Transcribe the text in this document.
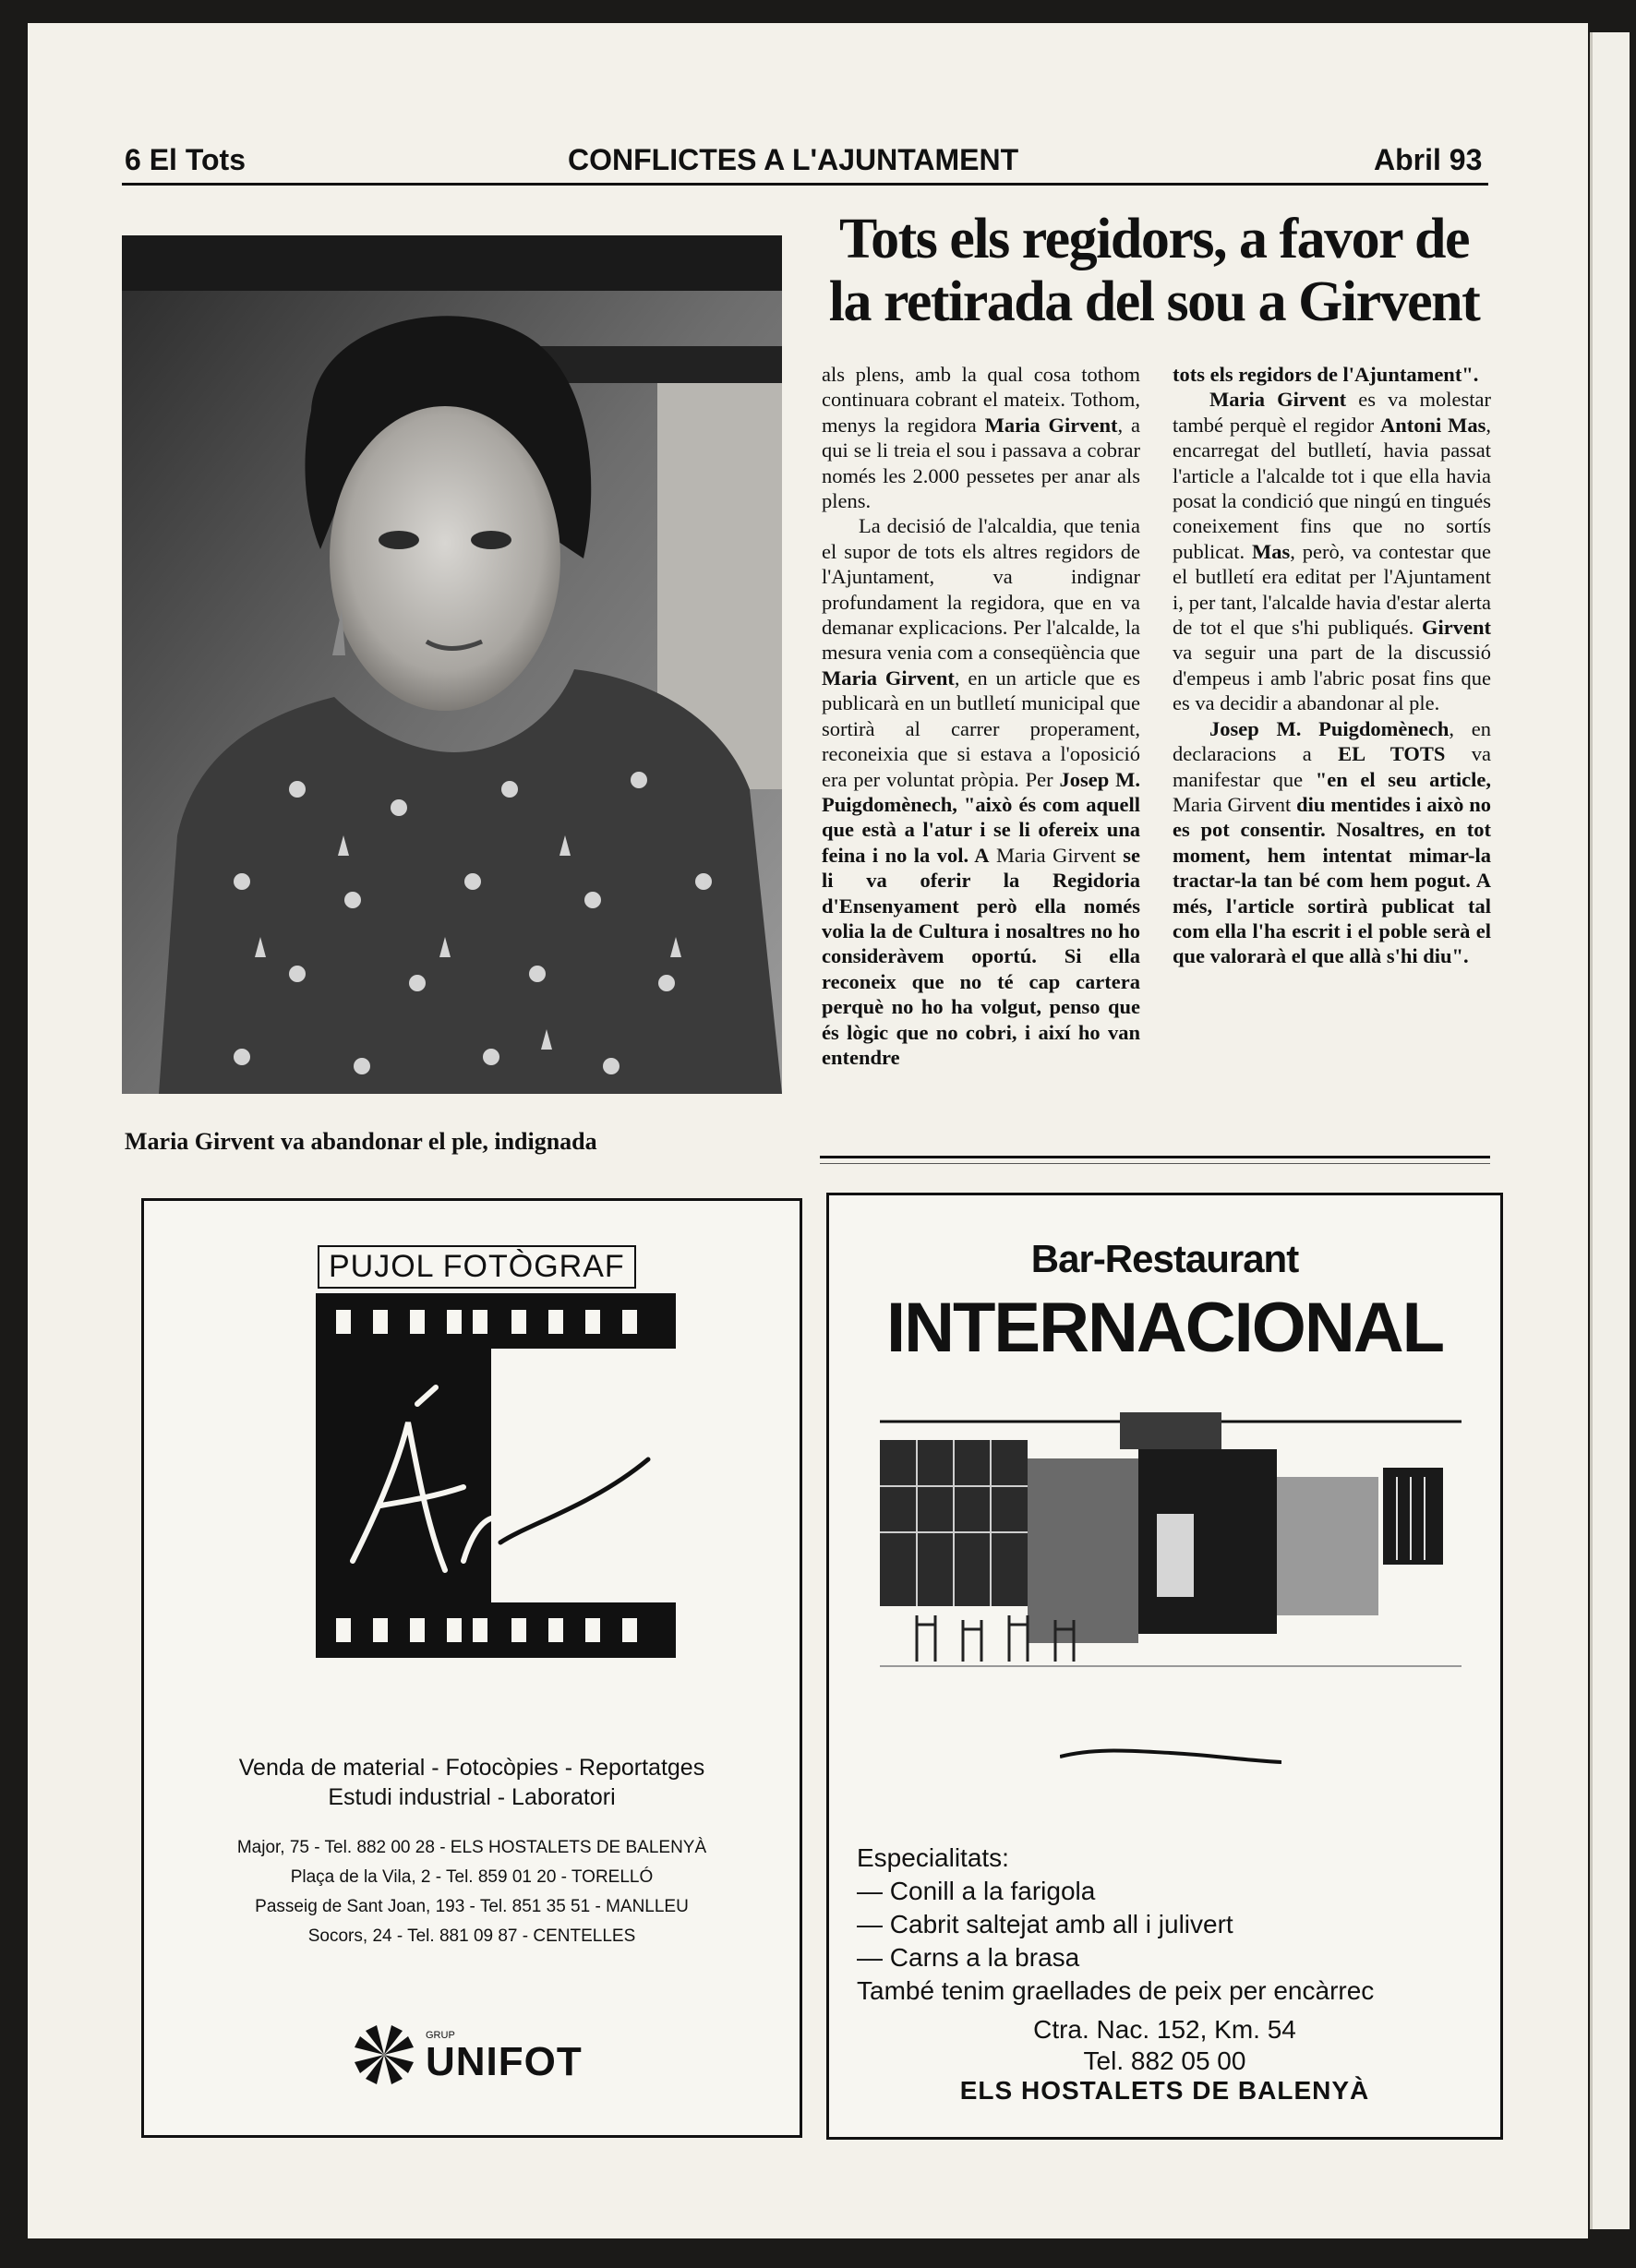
6 El Tots	CONFLICTES A L'AJUNTAMENT	Abril 93
Tots els regidors, a favor de
la retirada del sou a Girvent
Maria Girvent va abandonar el ple, indignada

als plens, amb la qual cosa tothom continuara cobrant el mateix. Tothom, menys la regidora Maria Girvent, a qui se li treia el sou i passava a cobrar només les 2.000 pessetes per anar als plens.

La decisió de l'alcaldia, que tenia el supor de tots els altres regidors de l'Ajuntament, va indignar profundament la regidora, que en va demanar explicacions. Per l'alcalde, la mesura venia com a conseqüència que Maria Girvent, en un article que es publicarà en un butlletí municipal que sortirà al carrer properament, reconeixia que si estava a l'oposició era per voluntat pròpia. Per Josep M. Puigdomènech, "això és com aquell que està a l'atur i se li ofereix una feina i no la vol. A Maria Girvent se li va oferir la Regidoria d'Ensenyament però ella només volia la de Cultura i nosaltres no ho consideràvem oportú. Si ella reconeix que no té cap cartera perquè no ho ha volgut, penso que és lògic que no cobri, i així ho van entendre

tots els regidors de l'Ajuntament".

Maria Girvent es va molestar també perquè el regidor Antoni Mas, encarregat del butlletí, havia passat l'article a l'alcalde tot i que ella havia posat la condició que ningú en tingués coneixement fins que no sortís publicat. Mas, però, va contestar que el butlletí era editat per l'Ajuntament i, per tant, l'alcalde havia d'estar alerta de tot el que s'hi publiqués. Girvent va seguir una part de la discussió d'empeus i amb l'abric posat fins que es va decidir a abandonar al ple.

Josep M. Puigdomènech, en declaracions a EL TOTS va manifestar que "en el seu article, Maria Girvent diu mentides i això no es pot consentir. Nosaltres, en tot moment, hem intentat mimar-la tractar-la tan bé com hem pogut. A més, l'article sortirà publicat tal com ella l'ha escrit i el poble serà el que valorarà el que allà s'hi diu".

PUJOL FOTÒGRAF
Venda de material - Fotocòpies - Reportatges
Estudi industrial - Laboratori
Major, 75 - Tel. 882 00 28 - ELS HOSTALETS DE BALENYÀ
Plaça de la Vila, 2 - Tel. 859 01 20 - TORELLÓ
Passeig de Sant Joan, 193 - Tel. 851 35 51 - MANLLEU
Socors, 24 - Tel. 881 09 87 - CENTELLES
GRUP
UNIFOT
Bar-Restaurant
INTERNACIONAL
Especialitats:
— Conill a la farigola
— Cabrit saltejat amb all i julivert
— Carns a la brasa
També tenim graellades de peix per encàrrec
Ctra. Nac. 152, Km. 54
Tel. 882 05 00
ELS HOSTALETS DE BALENYÀ
